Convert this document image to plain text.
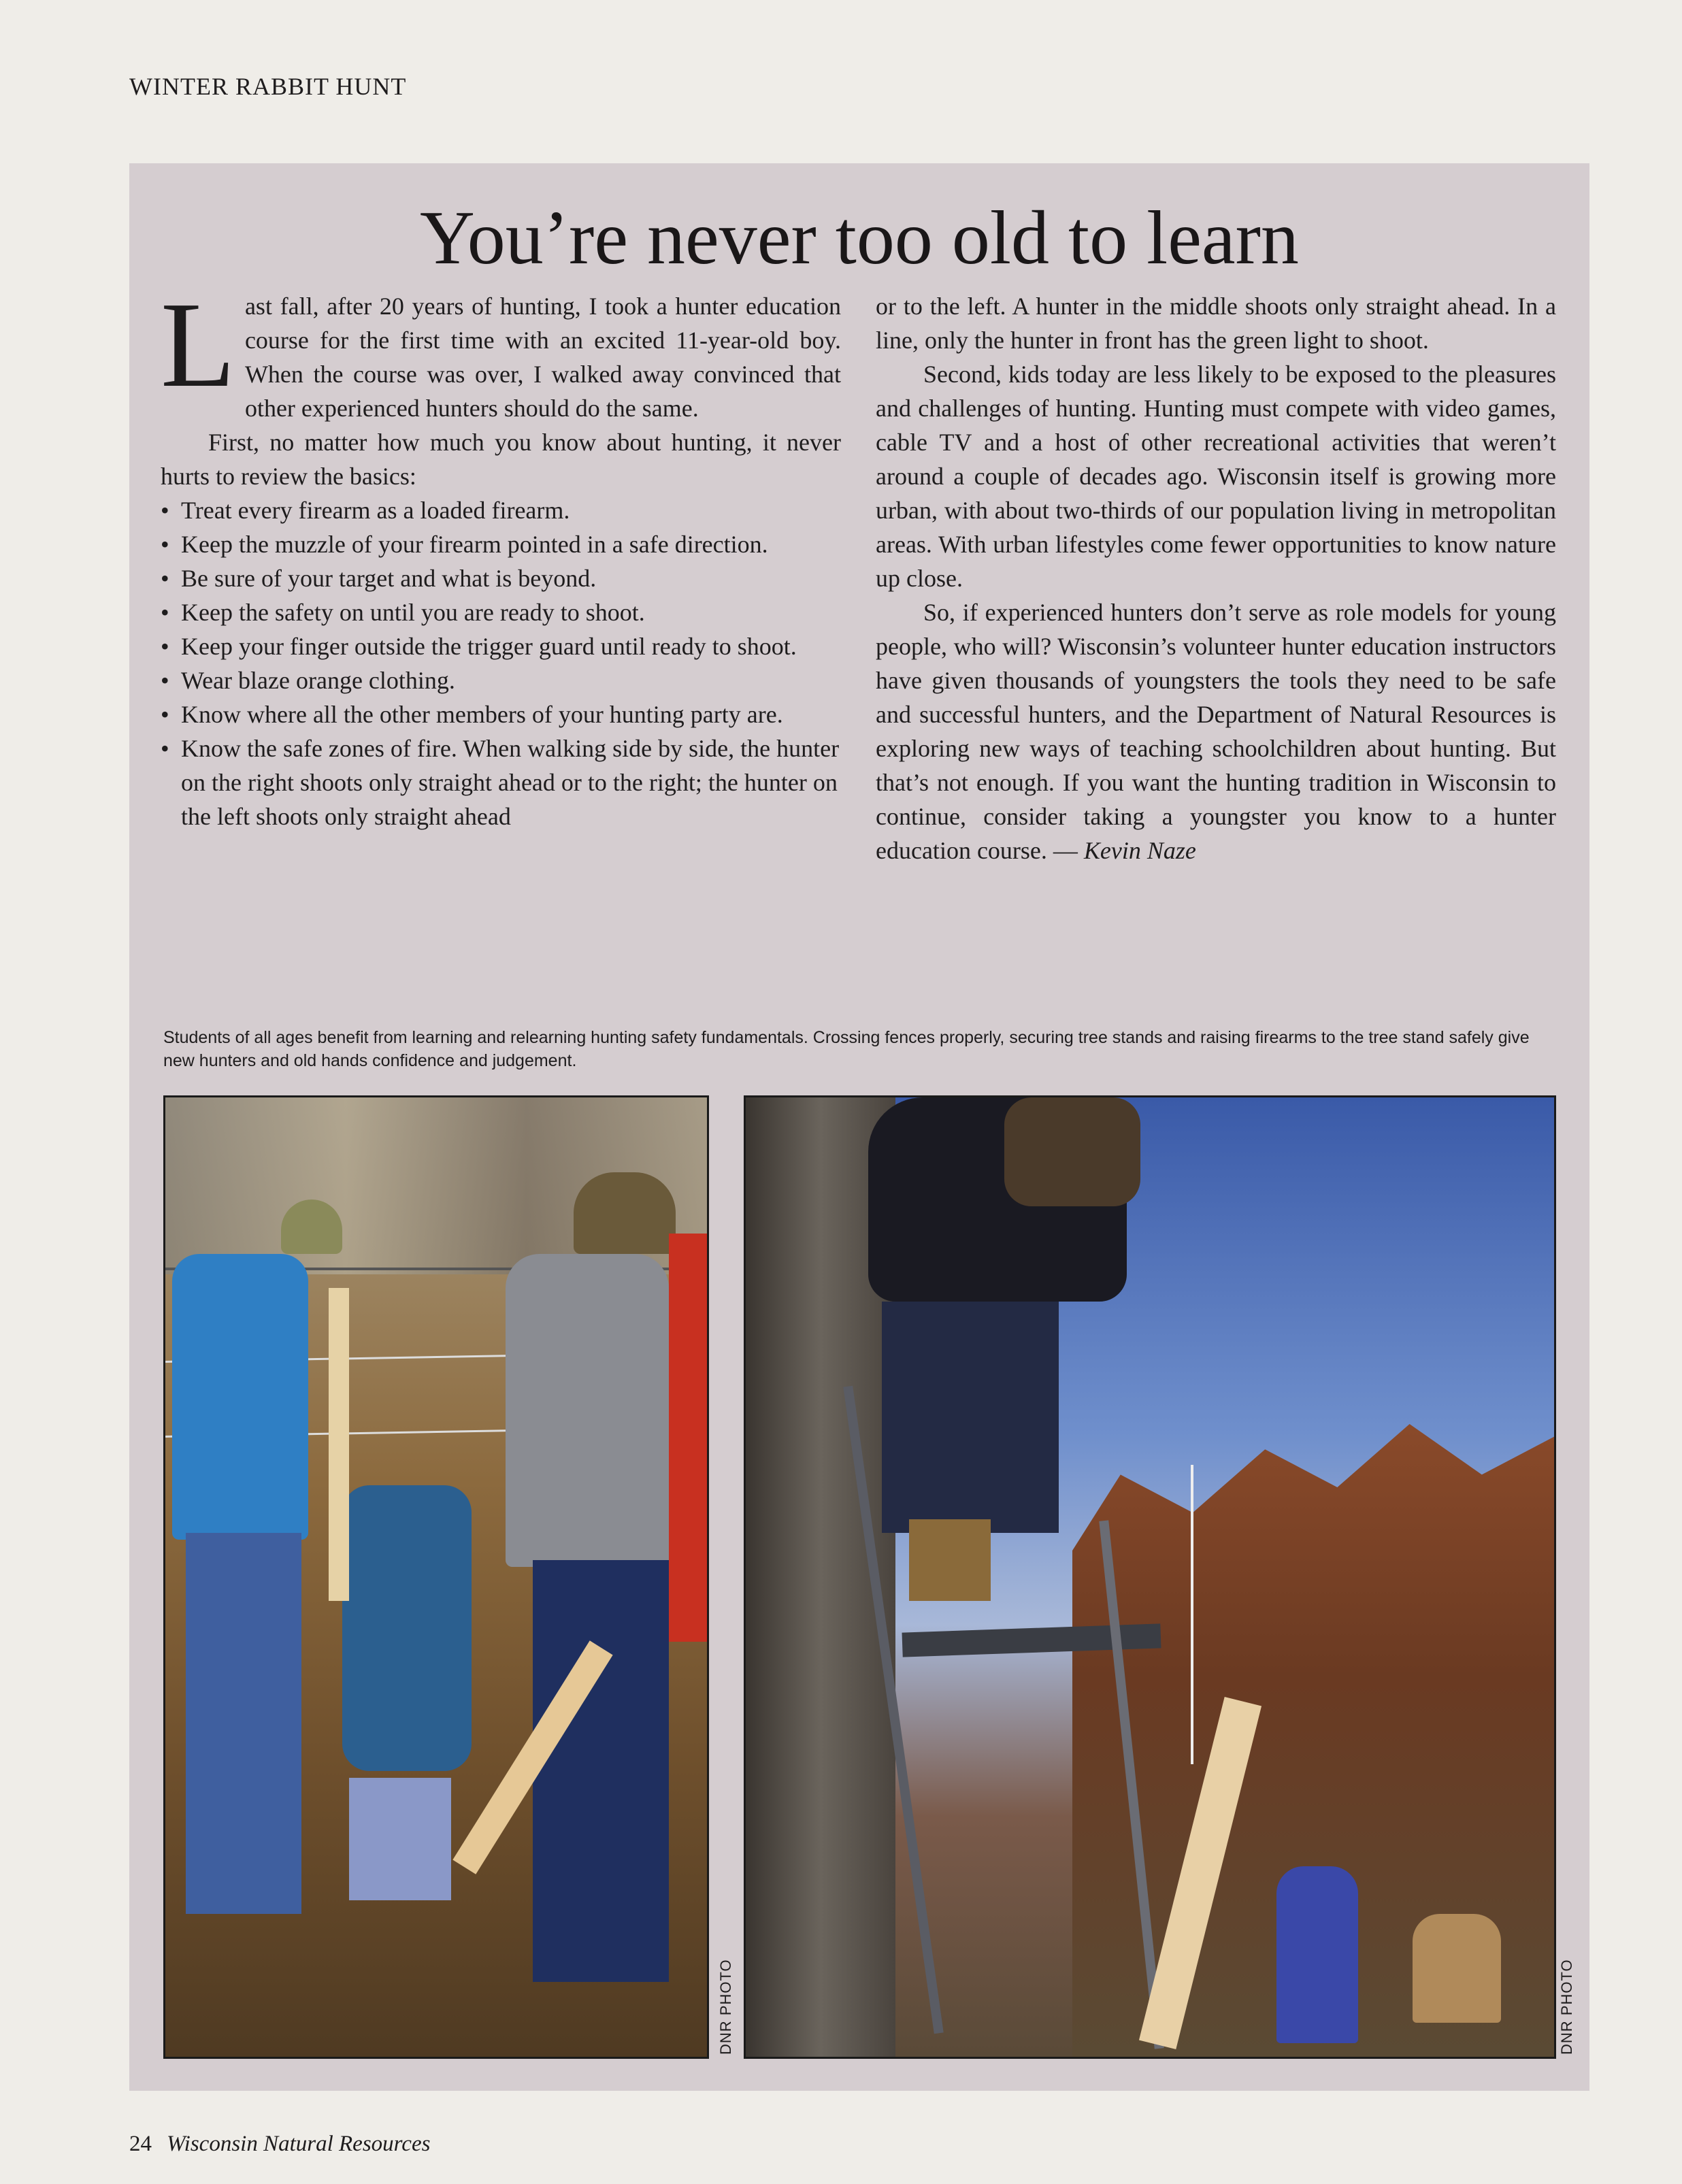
WINTER RABBIT HUNT
You’re never too old to learn

Last fall, after 20 years of hunting, I took a hunter education course for the first time with an excited 11-year-old boy. When the course was over, I walked away convinced that other experienced hunters should do the same.

First, no matter how much you know about hunting, it never hurts to review the basics:

• Treat every firearm as a loaded firearm.
• Keep the muzzle of your firearm pointed in a safe direction.
• Be sure of your target and what is beyond.
• Keep the safety on until you are ready to shoot.
• Keep your finger outside the trigger guard until ready to shoot.
• Wear blaze orange clothing.
• Know where all the other members of your hunting party are.
• Know the safe zones of fire. When walking side by side, the hunter on the right shoots only straight ahead or to the right; the hunter on the left shoots only straight ahead

or to the left. A hunter in the middle shoots only straight ahead. In a line, only the hunter in front has the green light to shoot.

Second, kids today are less likely to be exposed to the pleasures and challenges of hunting. Hunting must compete with video games, cable TV and a host of other recreational activities that weren’t around a couple of decades ago. Wisconsin itself is growing more urban, with about two-thirds of our population living in metropolitan areas. With urban lifestyles come fewer opportunities to know nature up close.

So, if experienced hunters don’t serve as role models for young people, who will? Wisconsin’s volunteer hunter education instructors have given thousands of youngsters the tools they need to be safe and successful hunters, and the Department of Natural Resources is exploring new ways of teaching schoolchildren about hunting. But that’s not enough. If you want the hunting tradition in Wisconsin to continue, consider taking a youngster you know to a hunter education course. — Kevin Naze

Students of all ages benefit from learning and relearning hunting safety fundamentals. Crossing fences properly, securing tree stands and raising firearms to the tree stand safely give new hunters and old hands confidence and judgement.
DNR PHOTO	DNR PHOTO
24 Wisconsin Natural Resources
